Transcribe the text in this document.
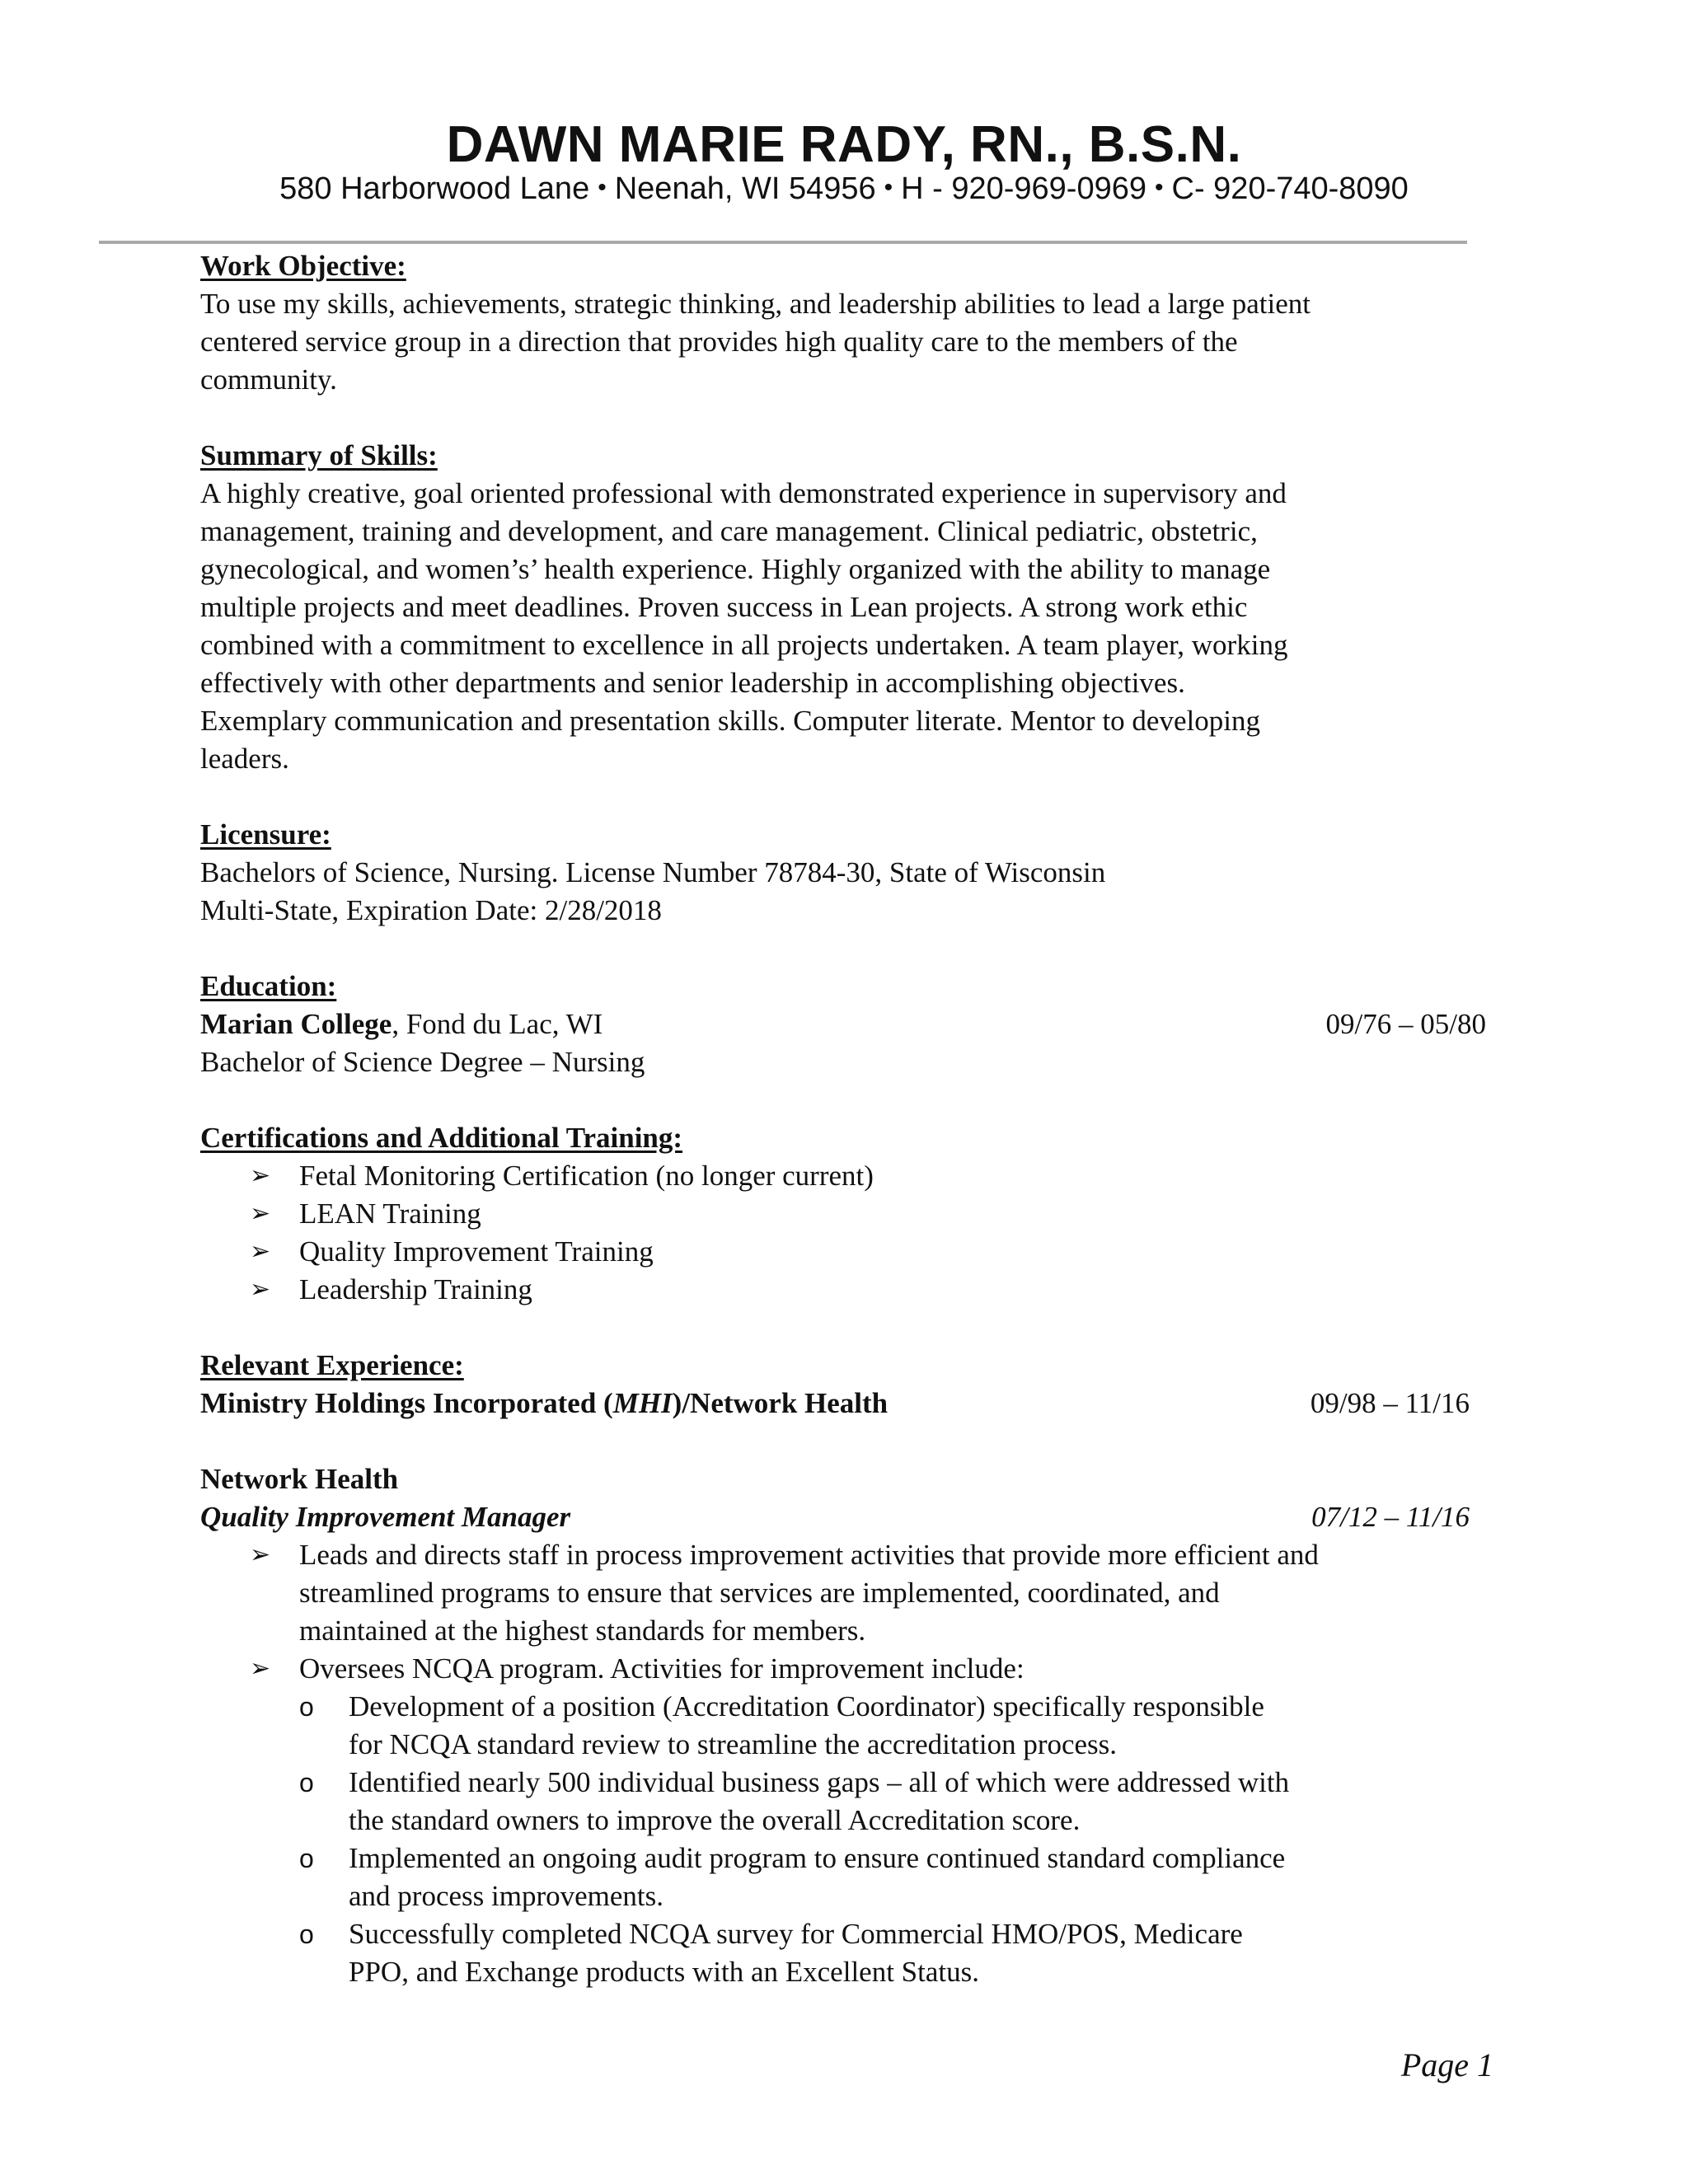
DAWN MARIE RADY, RN., B.S.N.
580 Harborwood Lane • Neenah, WI 54956 • H - 920-969-0969 • C- 920-740-8090
Work Objective:
To use my skills, achievements, strategic thinking, and leadership abilities to lead a large patient
centered service group in a direction that provides high quality care to the members of the
community.
Summary of Skills:
A highly creative, goal oriented professional with demonstrated experience in supervisory and
management, training and development, and care management. Clinical pediatric, obstetric,
gynecological, and women’s’ health experience. Highly organized with the ability to manage
multiple projects and meet deadlines. Proven success in Lean projects. A strong work ethic
combined with a commitment to excellence in all projects undertaken. A team player, working
effectively with other departments and senior leadership in accomplishing objectives.
Exemplary communication and presentation skills. Computer literate. Mentor to developing
leaders.
Licensure:
Bachelors of Science, Nursing. License Number 78784-30, State of Wisconsin
Multi-State, Expiration Date: 2/28/2018
Education:
Marian College, Fond du Lac, WI	09/76 – 05/80
Bachelor of Science Degree – Nursing
Certifications and Additional Training:
➢ Fetal Monitoring Certification (no longer current)
➢ LEAN Training
➢ Quality Improvement Training
➢ Leadership Training
Relevant Experience:
Ministry Holdings Incorporated (MHI)/Network Health	09/98 – 11/16
Network Health
Quality Improvement Manager	07/12 – 11/16
➢ Leads and directs staff in process improvement activities that provide more efficient and
streamlined programs to ensure that services are implemented, coordinated, and
maintained at the highest standards for members.
➢ Oversees NCQA program. Activities for improvement include:
o Development of a position (Accreditation Coordinator) specifically responsible
for NCQA standard review to streamline the accreditation process.
o Identified nearly 500 individual business gaps – all of which were addressed with
the standard owners to improve the overall Accreditation score.
o Implemented an ongoing audit program to ensure continued standard compliance
and process improvements.
o Successfully completed NCQA survey for Commercial HMO/POS, Medicare
PPO, and Exchange products with an Excellent Status.
Page 1
